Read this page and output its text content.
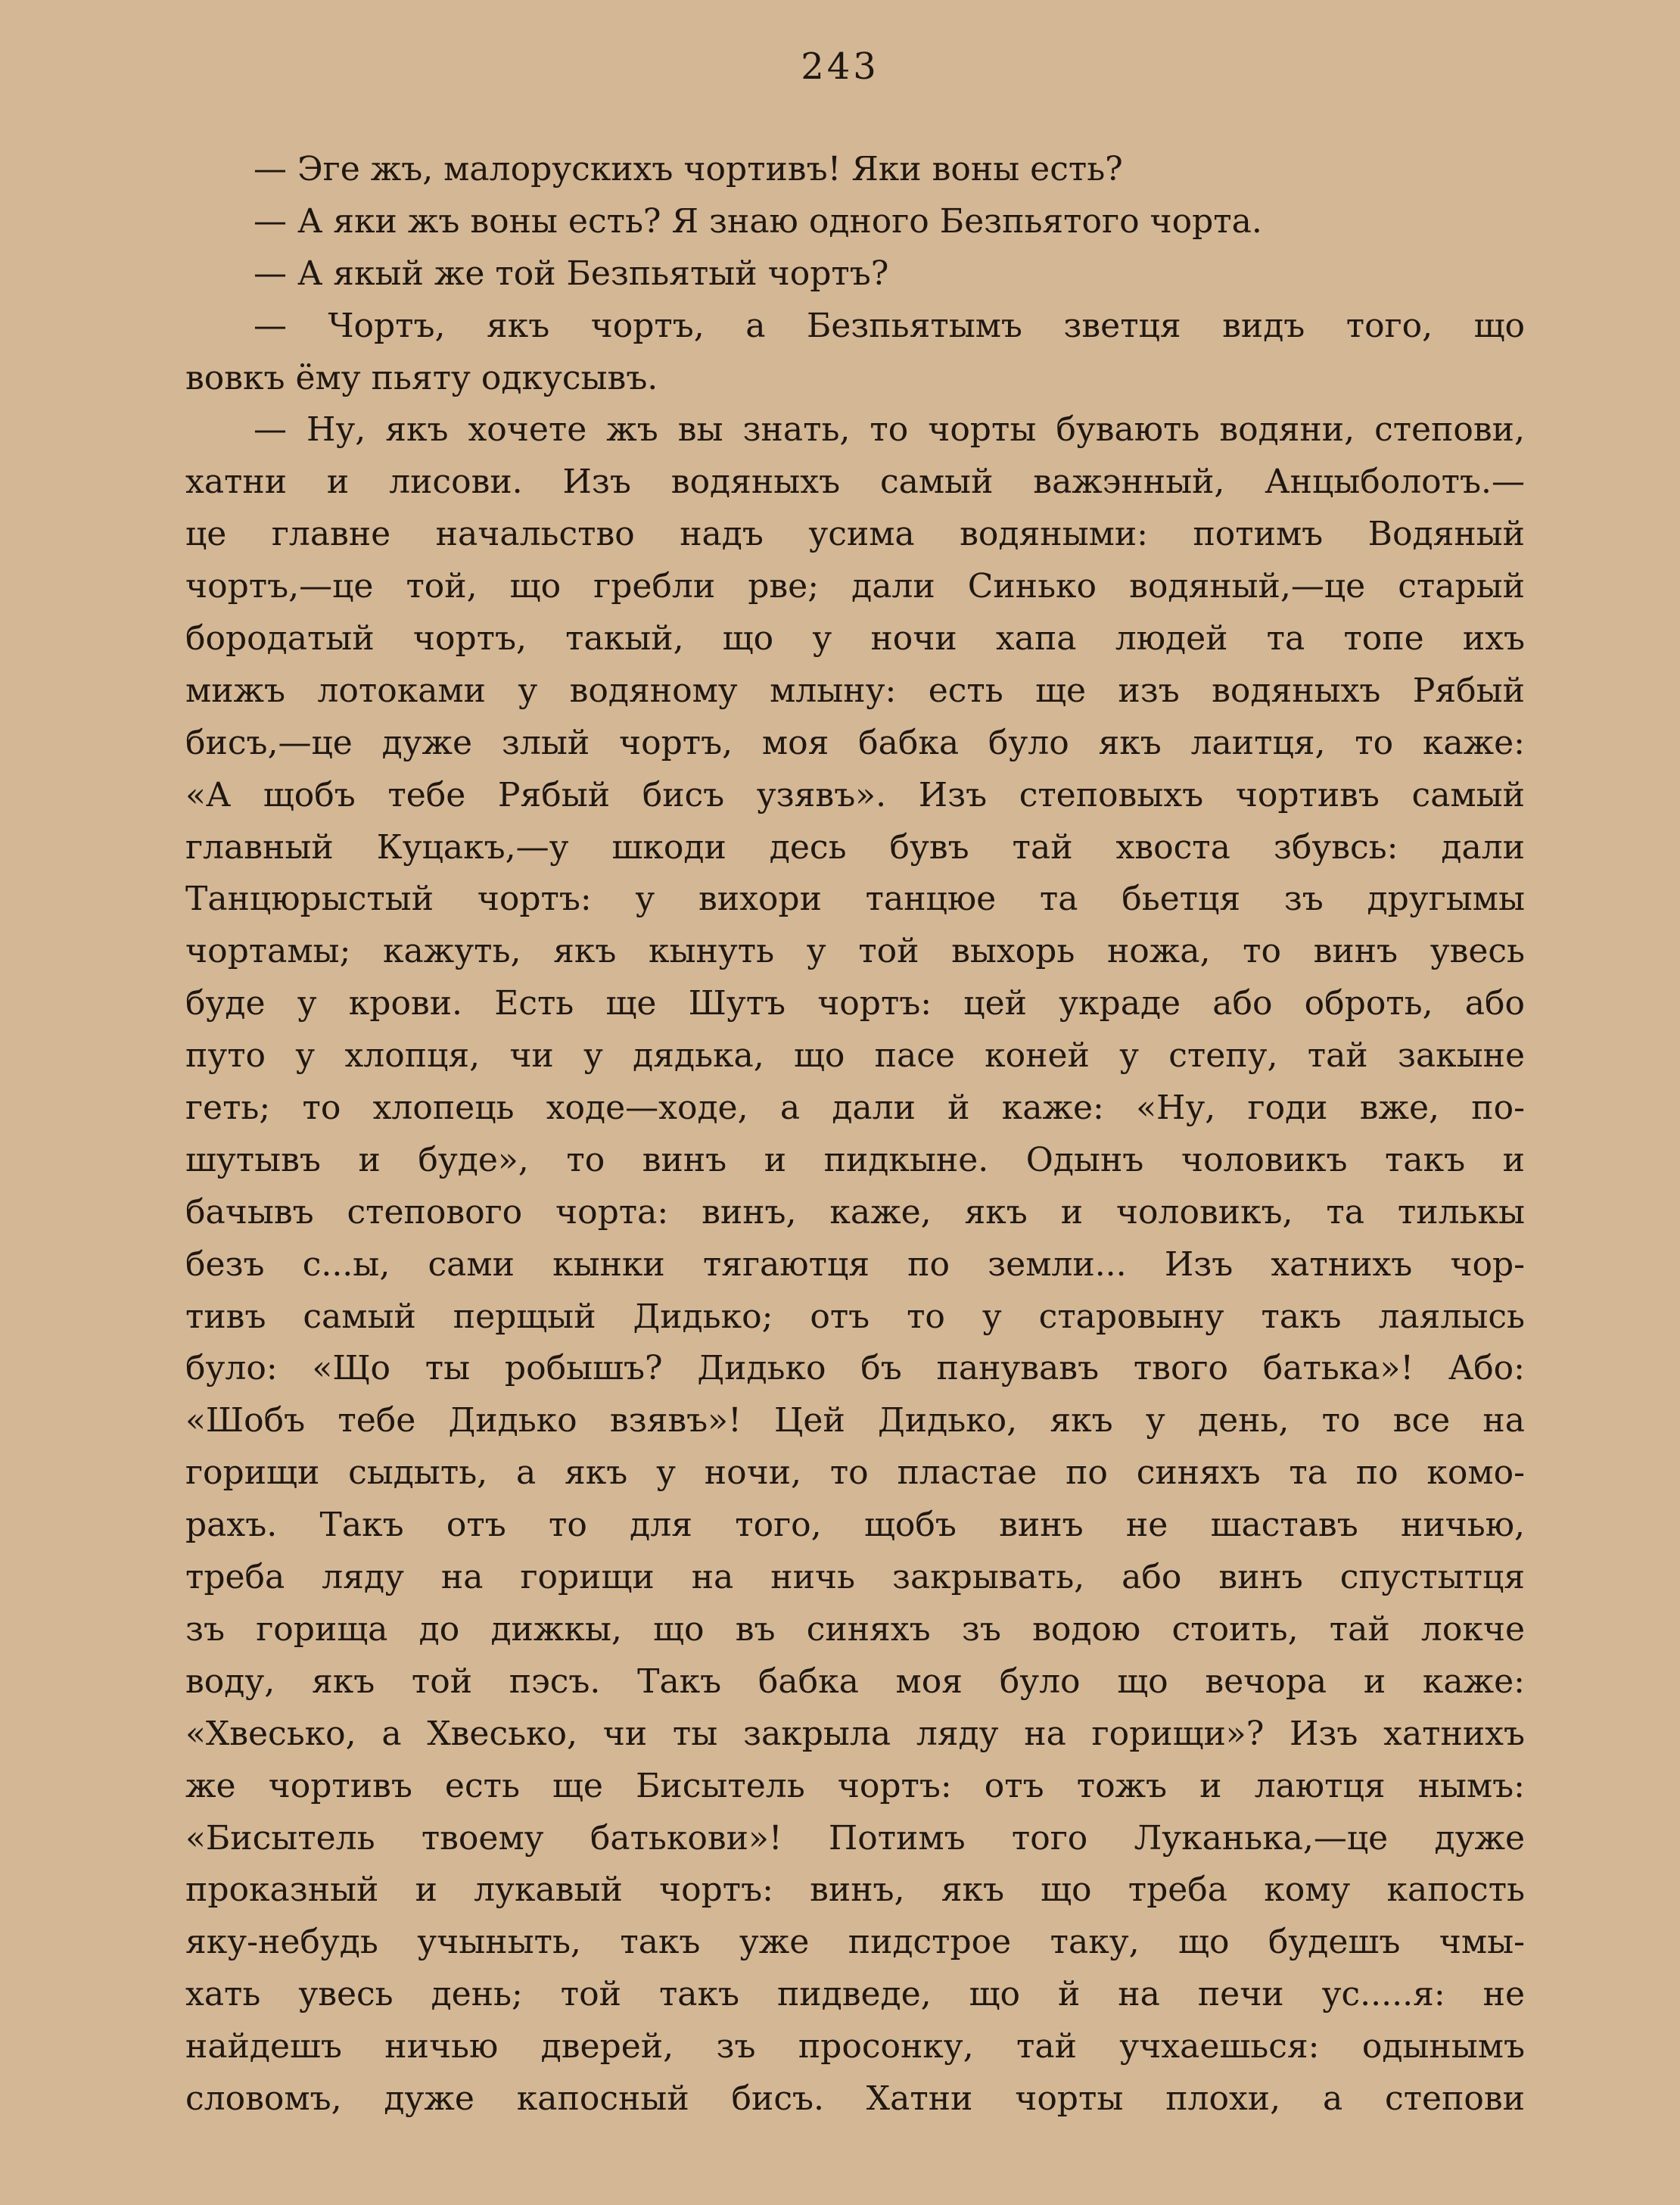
243
— Эге жъ, малорускихъ чортивъ! Яки воны есть?
— А яки жъ воны есть? Я знаю одного Безпьятого чорта.
— А якый же той Безпьятый чортъ?
— Чортъ, якъ чортъ, а Безпьятымъ зветця видъ того, що
вовкъ ёму пьяту одкусывъ.
— Ну, якъ хочете жъ вы знать, то чорты бувають водяни, степови,
хатни и лисови. Изъ водяныхъ самый важэнный, Анцыболотъ.—
це главне начальство надъ усима водяными: потимъ Водяный
чортъ,—це той, що гребли рве; дали Синько водяный,—це старый
бородатый чортъ, такый, що у ночи хапа людей та топе ихъ
мижъ лотоками у водяному млыну: есть ще изъ водяныхъ Рябый
бисъ,—це дуже злый чортъ, моя бабка було якъ лаитця, то каже:
«А щобъ тебе Рябый бисъ узявъ». Изъ степовыхъ чортивъ самый
главный Куцакъ,—у шкоди десь бувъ тай хвоста збувсь: дали
Танцюрыстый чортъ: у вихори танцюе та бьетця зъ другымы
чортамы; кажуть, якъ кынуть у той выхорь ножа, то винъ увесь
буде у крови. Есть ще Шутъ чортъ: цей украде або оброть, або
путо у хлопця, чи у дядька, що пасе коней у степу, тай закыне
геть; то хлопець ходе—ходе, а дали й каже: «Ну, годи вже, по-
шутывъ и буде», то винъ и пидкыне. Одынъ чоловикъ такъ и
бачывъ степового чорта: винъ, каже, якъ и чоловикъ, та тилькы
безъ с...ы, сами кынки тягаютця по земли... Изъ хатнихъ чор-
тивъ самый перщый Дидько; отъ то у старовыну такъ лаялысь
було: «Що ты робышъ? Дидько бъ панувавъ твого батька»! Або:
«Шобъ тебе Дидько взявъ»! Цей Дидько, якъ у день, то все на
горищи сыдыть, а якъ у ночи, то пластае по синяхъ та по комо-
рахъ. Такъ отъ то для того, щобъ винъ не шаставъ ничью,
треба ляду на горищи на ничь закрывать, або винъ спустытця
зъ горища до дижкы, що въ синяхъ зъ водою стоить, тай локче
воду, якъ той пэсъ. Такъ бабка моя було що вечора и каже:
«Хвесько, а Хвесько, чи ты закрыла ляду на горищи»? Изъ хатнихъ
же чортивъ есть ще Бисытель чортъ: отъ тожъ и лаютця нымъ:
«Бисытель твоему батькови»! Потимъ того Луканька,—це дуже
проказный и лукавый чортъ: винъ, якъ що треба кому капость
яку-небудь учыныть, такъ уже пидстрое таку, що будешъ чмы-
хать увесь день; той такъ пидведе, що й на печи ус.....я: не
найдешъ ничью дверей, зъ просонку, тай учхаешься: одынымъ
словомъ, дуже капосный бисъ. Хатни чорты плохи, а степови
